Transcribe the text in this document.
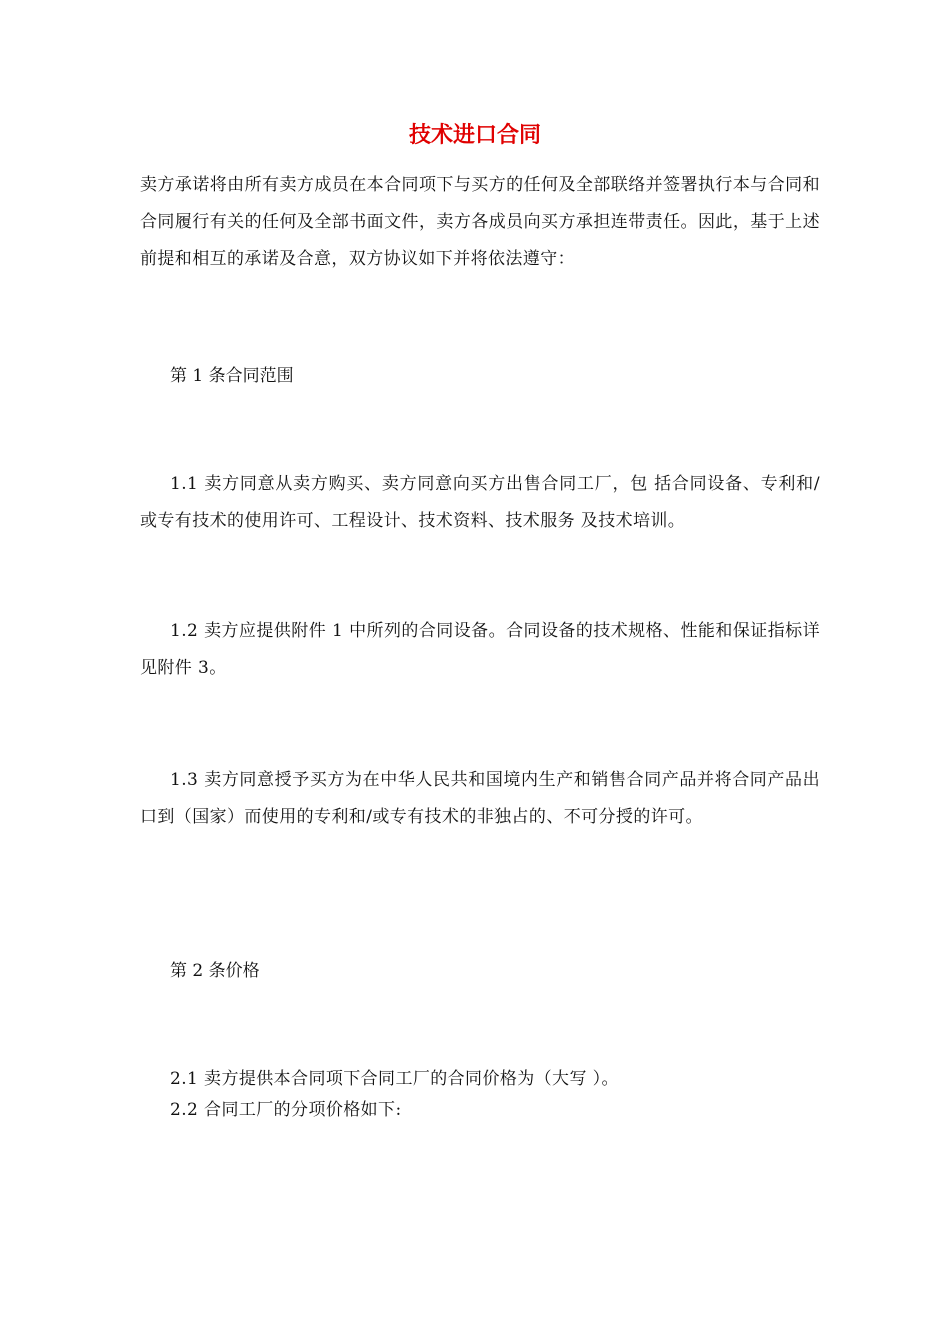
技术进口合同
卖方承诺将由所有卖方成员在本合同项下与买方的任何及全部联络并签署执行本与合同和合同履行有关的任何及全部书面文件，卖方各成员向买方承担连带责任。因此，基于上述前提和相互的承诺及合意，双方协议如下并将依法遵守：
第 1 条合同范围
1.1 卖方同意从卖方购买、卖方同意向买方出售合同工厂，包 括合同设备、专利和/或专有技术的使用许可、工程设计、技术资料、技术服务 及技术培训。
1.2 卖方应提供附件 1 中所列的合同设备。合同设备的技术规格、性能和保证指标详见附件 3。
1.3 卖方同意授予买方为在中华人民共和国境内生产和销售合同产品并将合同产品出口到（国家）而使用的专利和/或专有技术的非独占的、不可分授的许可。
第 2 条价格
2.1 卖方提供本合同项下合同工厂的合同价格为（大写 ）。
2.2 合同工厂的分项价格如下:
